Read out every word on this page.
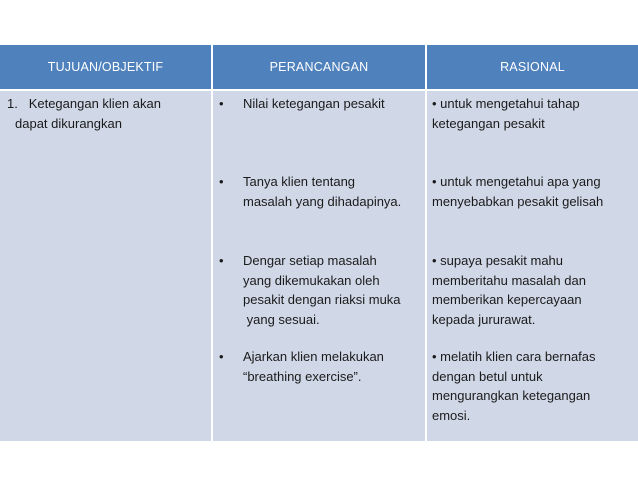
TUJUAN/OBJEKTIF	PERANCANGAN	RASIONAL
1. Ketegangan klien akan
dapat dikurangkan
• Nilai ketegangan pesakit
• Tanya klien tentang
masalah yang dihadapinya.
• Dengar setiap masalah
yang dikemukakan oleh
pesakit dengan riaksi muka
yang sesuai.
• Ajarkan klien melakukan
“breathing exercise”.
• untuk mengetahui tahap
ketegangan pesakit
• untuk mengetahui apa yang
menyebabkan pesakit gelisah
• supaya pesakit mahu
memberitahu masalah dan
memberikan kepercayaan
kepada jururawat.
• melatih klien cara bernafas
dengan betul untuk
mengurangkan ketegangan
emosi.
